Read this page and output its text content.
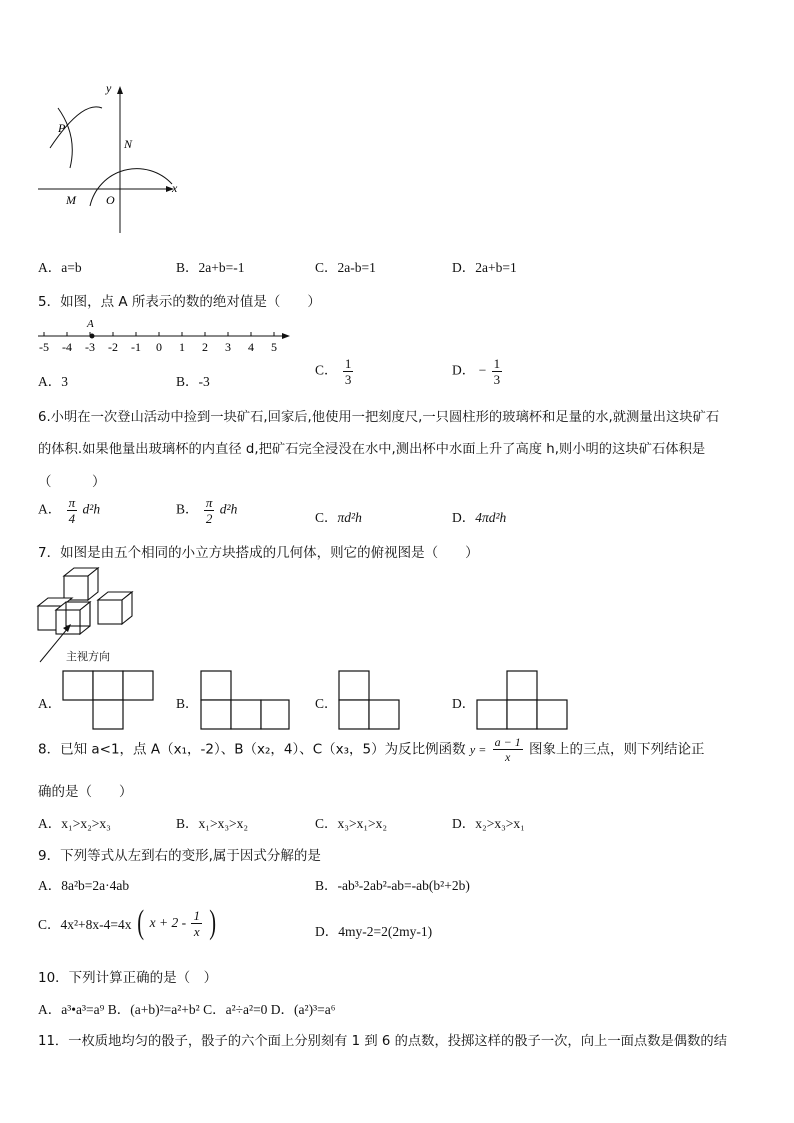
y
x
P
N
M	O
A．a=b	B．2a+b=-1	C．2a-b=1	D．2a+b=1
5．如图，点 A 所表示的数的绝对值是（　　）
-5 -4 -3 -2 -1 0 1 2 3 4 5
A
A．3	B．-3
C． $\frac{1}{3}$	D． − $\frac{1}{3}$
6.小明在一次登山活动中捡到一块矿石,回家后,他使用一把刻度尺,一只圆柱形的玻璃杯和足量的水,就测量出这块矿石
的体积.如果他量出玻璃杯的内直径 d,把矿石完全浸没在水中,测出杯中水面上升了高度 h,则小明的这块矿石体积是
（　　　）
A． $\frac{\pi}{4} d^2h$	B． $\frac{\pi}{2} d^2h$
C．πd²h	D．4πd²h
7．如图是由五个相同的小立方块搭成的几何体，则它的俯视图是（　　）
主视方向
A．	B．	C．	D．
8．已知 a<1，点 A（x₁，-2）、B（x₂，4）、C（x₃，5）为反比例函数 $y = \frac{a - 1}{x}$ 图象上的三点，则下列结论正
确的是（　　）
A．x₁>x₂>x₃	B．x₁>x₃>x₂	C．x₃>x₁>x₂	D．x₂>x₃>x₁
9．下列等式从左到右的变形,属于因式分解的是
A．8a²b=2a·4ab	B．-ab³-2ab²-ab=-ab(b²+2b)
C．4x²+8x-4=4x ( $x + 2 - \frac{1}{x}$ )	D．4my-2=2(2my-1)
10．下列计算正确的是（　）
A．a³•a³=a⁹ B．(a+b)²=a²+b² C．a²÷a²=0 D．(a²)³=a⁶
11．一枚质地均匀的骰子，骰子的六个面上分别刻有 1 到 6 的点数，投掷这样的骰子一次，向上一面点数是偶数的结
